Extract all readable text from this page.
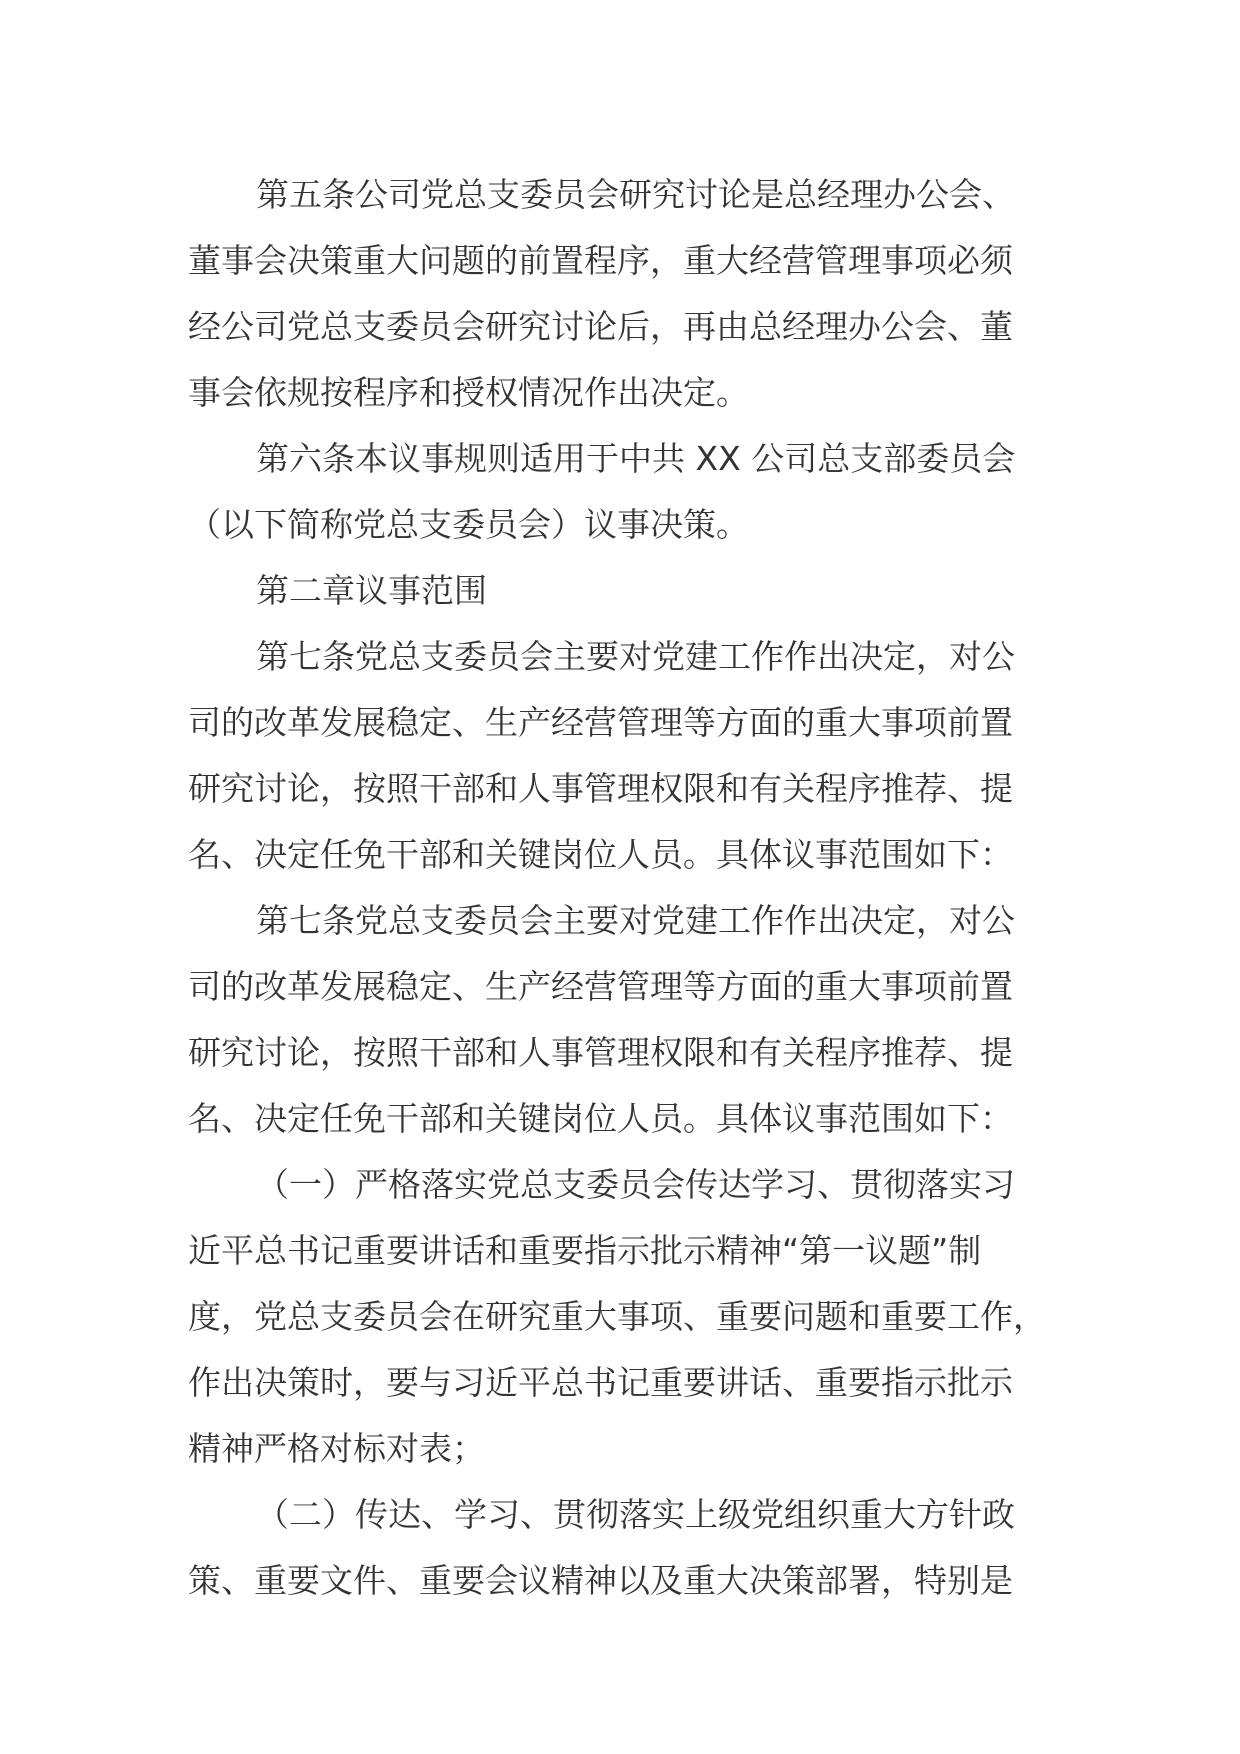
第五条公司党总支委员会研究讨论是总经理办公会、
董事会决策重大问题的前置程序，重大经营管理事项必须
经公司党总支委员会研究讨论后，再由总经理办公会、董
事会依规按程序和授权情况作出决定。
第六条本议事规则适用于中共 XX 公司总支部委员会
（以下简称党总支委员会）议事决策。
第二章议事范围
第七条党总支委员会主要对党建工作作出决定，对公
司的改革发展稳定、生产经营管理等方面的重大事项前置
研究讨论，按照干部和人事管理权限和有关程序推荐、提
名、决定任免干部和关键岗位人员。具体议事范围如下：
第七条党总支委员会主要对党建工作作出决定，对公
司的改革发展稳定、生产经营管理等方面的重大事项前置
研究讨论，按照干部和人事管理权限和有关程序推荐、提
名、决定任免干部和关键岗位人员。具体议事范围如下：
（一）严格落实党总支委员会传达学习、贯彻落实习
近平总书记重要讲话和重要指示批示精神“第一议题”制
度，党总支委员会在研究重大事项、重要问题和重要工作，
作出决策时，要与习近平总书记重要讲话、重要指示批示
精神严格对标对表；
（二）传达、学习、贯彻落实上级党组织重大方针政
策、重要文件、重要会议精神以及重大决策部署，特别是
